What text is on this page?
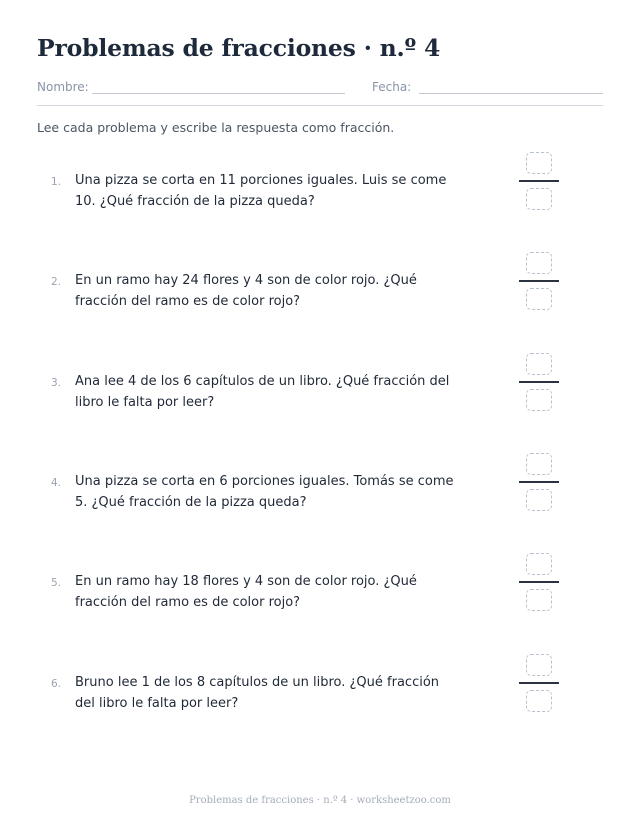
Problemas de fracciones · n.º 4
Nombre:	Fecha:
Lee cada problema y escribe la respuesta como fracción.
1. Una pizza se corta en 11 porciones iguales. Luis se come 10. ¿Qué fracción de la pizza queda?
2. En un ramo hay 24 flores y 4 son de color rojo. ¿Qué fracción del ramo es de color rojo?
3. Ana lee 4 de los 6 capítulos de un libro. ¿Qué fracción del libro le falta por leer?
4. Una pizza se corta en 6 porciones iguales. Tomás se come 5. ¿Qué fracción de la pizza queda?
5. En un ramo hay 18 flores y 4 son de color rojo. ¿Qué fracción del ramo es de color rojo?
6. Bruno lee 1 de los 8 capítulos de un libro. ¿Qué fracción del libro le falta por leer?
Problemas de fracciones · n.º 4 · worksheetzoo.com
